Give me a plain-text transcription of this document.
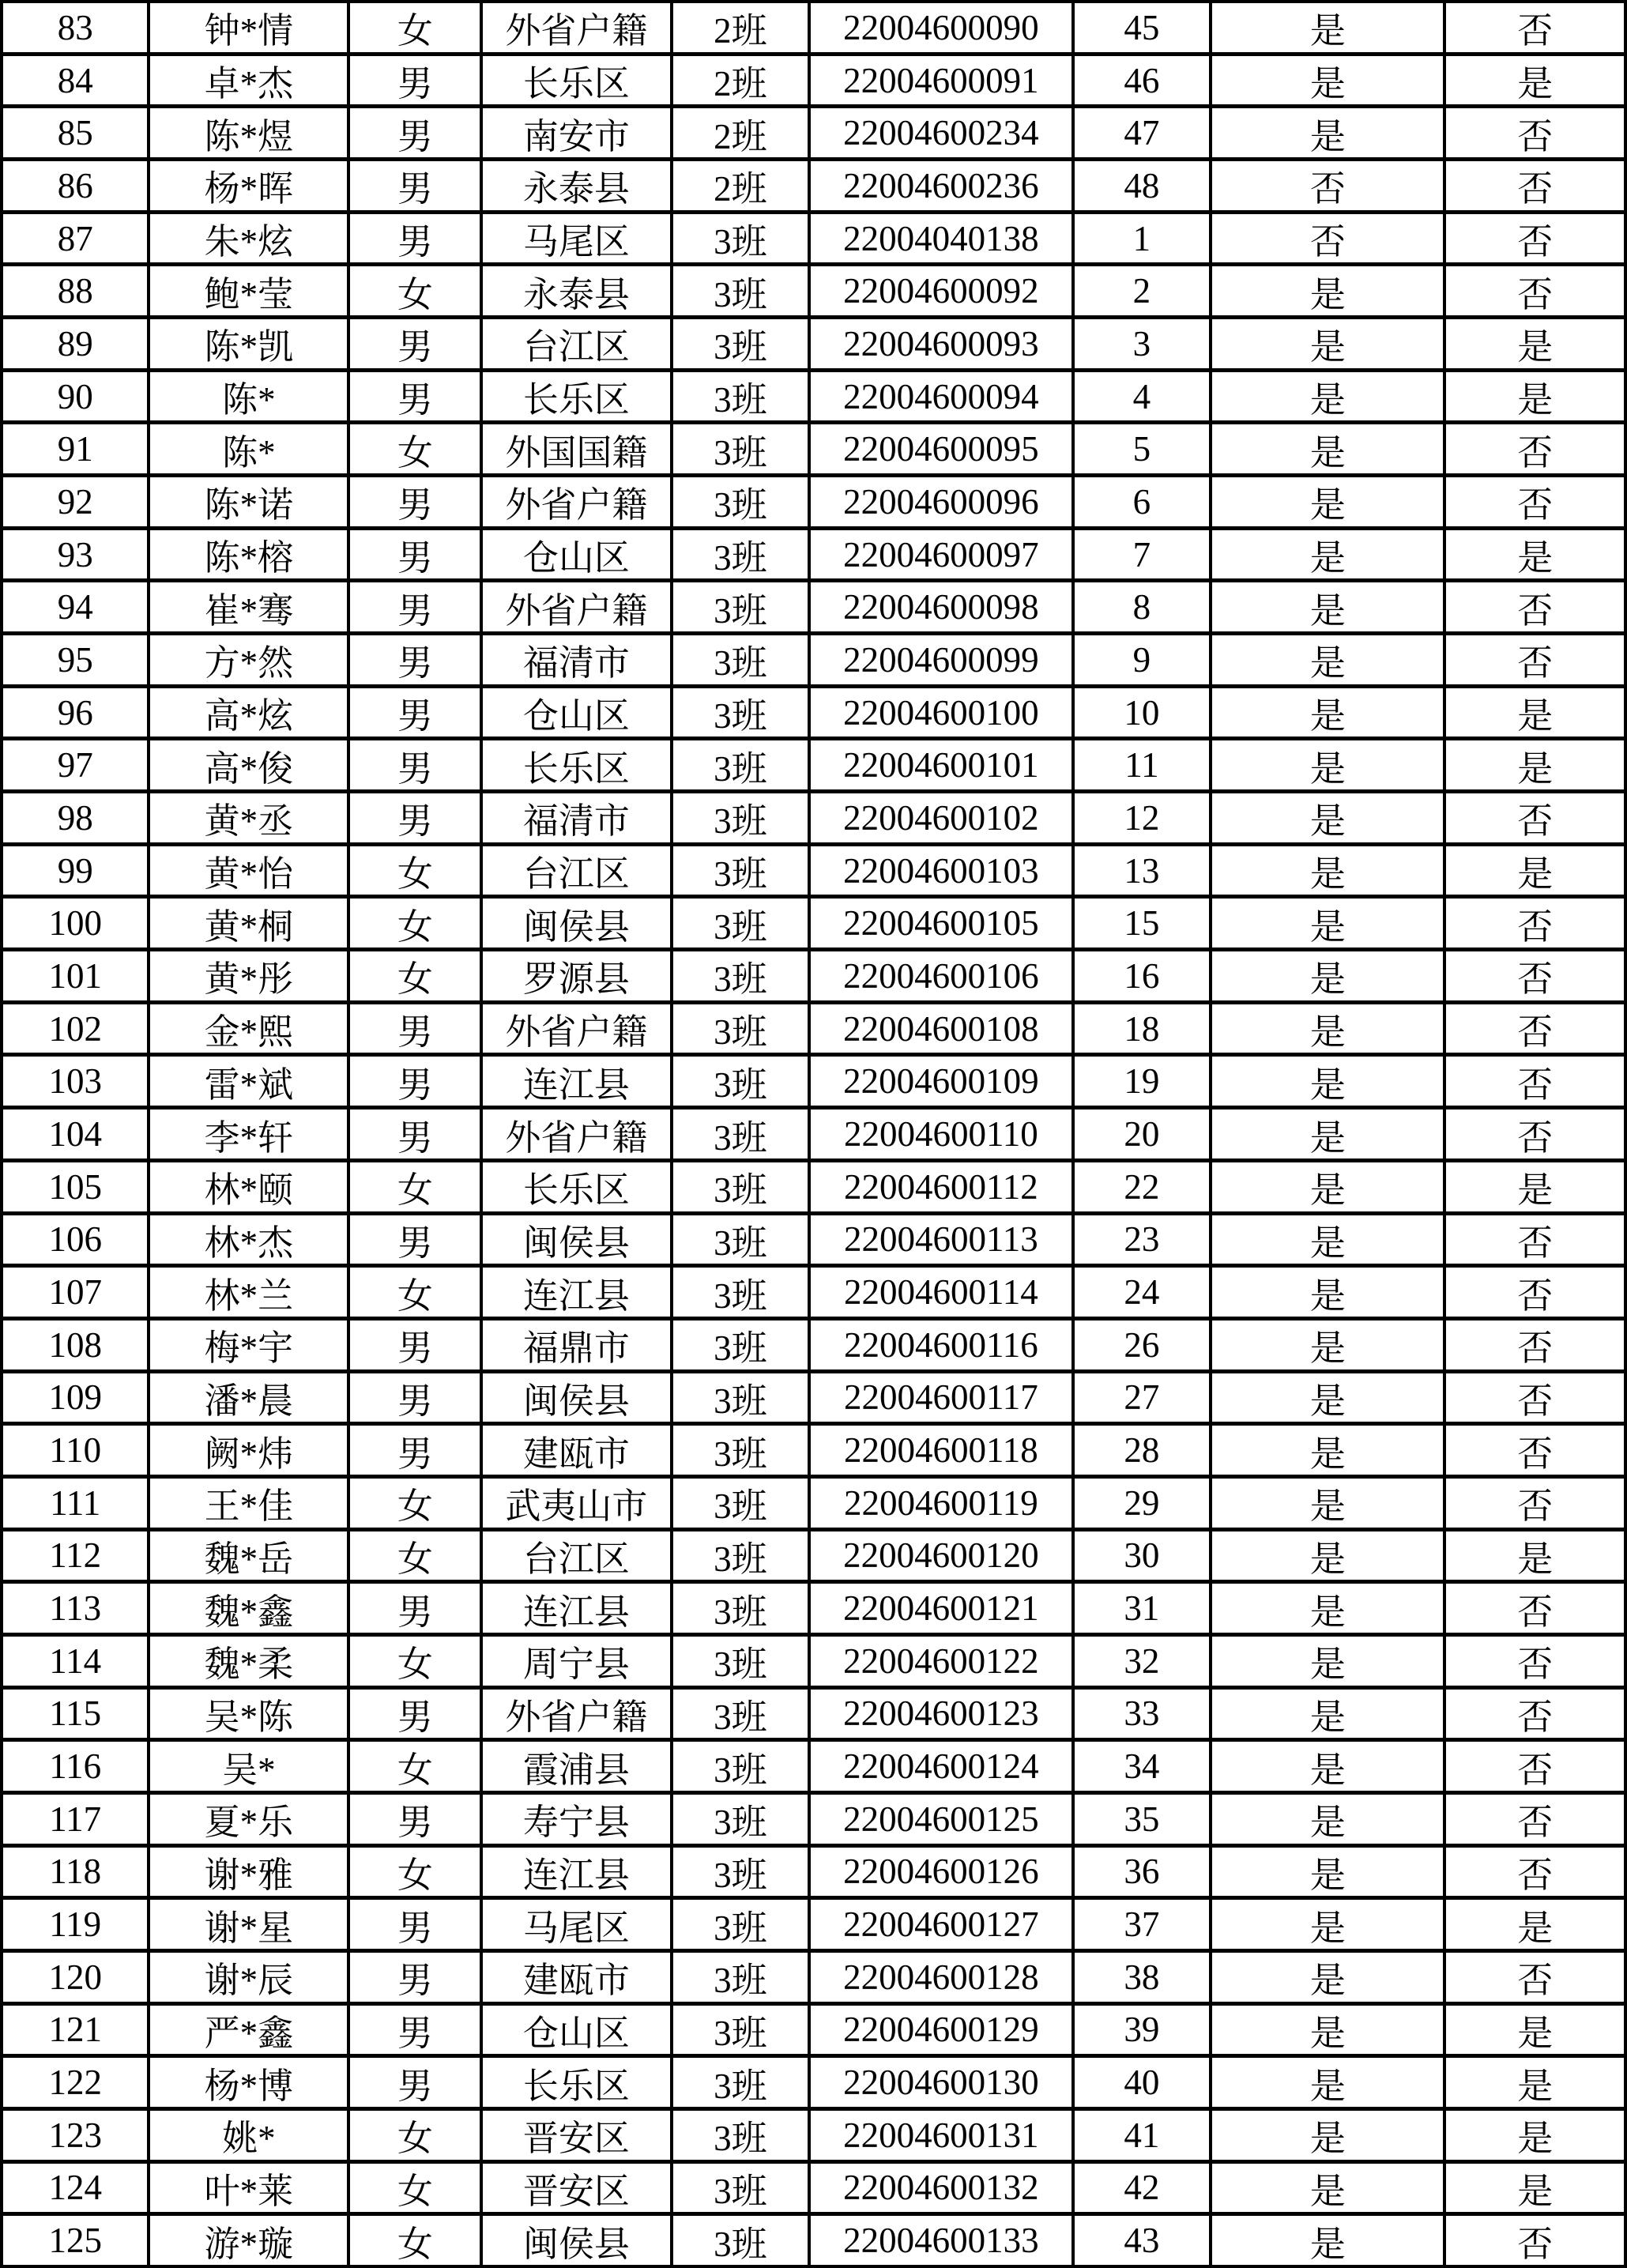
83	钟*情	女	外省户籍	2班	22004600090	45	是	否
84	卓*杰	男	长乐区	2班	22004600091	46	是	是
85	陈*煜	男	南安市	2班	22004600234	47	是	否
86	杨*晖	男	永泰县	2班	22004600236	48	否	否
87	朱*炫	男	马尾区	3班	22004040138	1	否	否
88	鲍*莹	女	永泰县	3班	22004600092	2	是	否
89	陈*凯	男	台江区	3班	22004600093	3	是	是
90	陈*	男	长乐区	3班	22004600094	4	是	是
91	陈*	女	外国国籍	3班	22004600095	5	是	否
92	陈*诺	男	外省户籍	3班	22004600096	6	是	否
93	陈*榕	男	仓山区	3班	22004600097	7	是	是
94	崔*骞	男	外省户籍	3班	22004600098	8	是	否
95	方*然	男	福清市	3班	22004600099	9	是	否
96	高*炫	男	仓山区	3班	22004600100	10	是	是
97	高*俊	男	长乐区	3班	22004600101	11	是	是
98	黄*丞	男	福清市	3班	22004600102	12	是	否
99	黄*怡	女	台江区	3班	22004600103	13	是	是
100	黄*桐	女	闽侯县	3班	22004600105	15	是	否
101	黄*彤	女	罗源县	3班	22004600106	16	是	否
102	金*熙	男	外省户籍	3班	22004600108	18	是	否
103	雷*斌	男	连江县	3班	22004600109	19	是	否
104	李*轩	男	外省户籍	3班	22004600110	20	是	否
105	林*颐	女	长乐区	3班	22004600112	22	是	是
106	林*杰	男	闽侯县	3班	22004600113	23	是	否
107	林*兰	女	连江县	3班	22004600114	24	是	否
108	梅*宇	男	福鼎市	3班	22004600116	26	是	否
109	潘*晨	男	闽侯县	3班	22004600117	27	是	否
110	阙*炜	男	建瓯市	3班	22004600118	28	是	否
111	王*佳	女	武夷山市	3班	22004600119	29	是	否
112	魏*岳	女	台江区	3班	22004600120	30	是	是
113	魏*鑫	男	连江县	3班	22004600121	31	是	否
114	魏*柔	女	周宁县	3班	22004600122	32	是	否
115	吴*陈	男	外省户籍	3班	22004600123	33	是	否
116	吴*	女	霞浦县	3班	22004600124	34	是	否
117	夏*乐	男	寿宁县	3班	22004600125	35	是	否
118	谢*雅	女	连江县	3班	22004600126	36	是	否
119	谢*星	男	马尾区	3班	22004600127	37	是	是
120	谢*辰	男	建瓯市	3班	22004600128	38	是	否
121	严*鑫	男	仓山区	3班	22004600129	39	是	是
122	杨*博	男	长乐区	3班	22004600130	40	是	是
123	姚*	女	晋安区	3班	22004600131	41	是	是
124	叶*莱	女	晋安区	3班	22004600132	42	是	是
125	游*璇	女	闽侯县	3班	22004600133	43	是	否
